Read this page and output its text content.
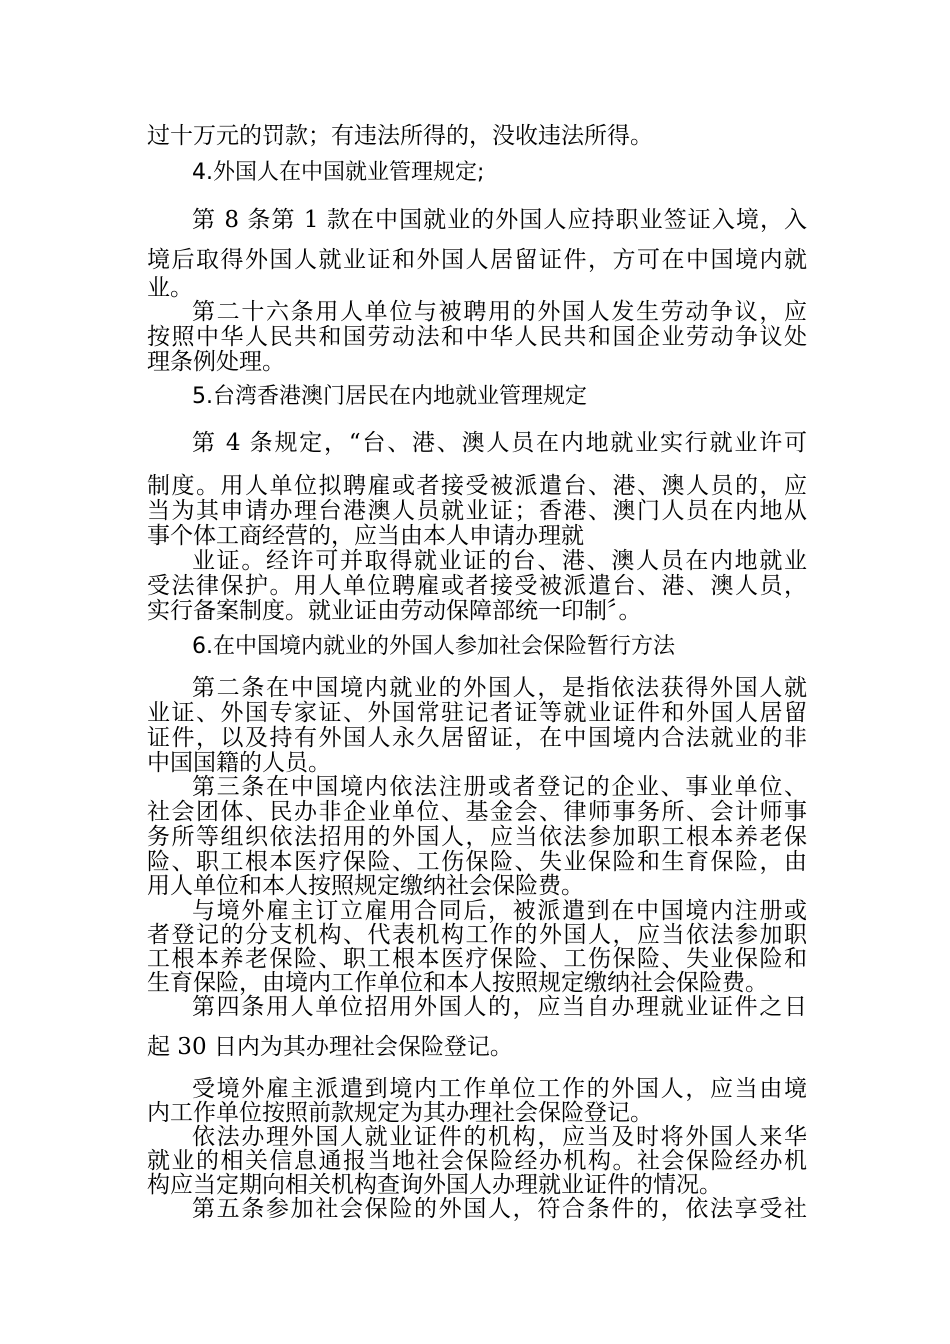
过十万元的罚款；有违法所得的，没收违法所得。

4.外国人在中国就业管理规定;

第 8 条第 1 款在中国就业的外国人应持职业签证入境，入

境后取得外国人就业证和外国人居留证件，方可在中国境内就

业。

第二十六条用人单位与被聘用的外国人发生劳动争议，应

按照中华人民共和国劳动法和中华人民共和国企业劳动争议处

理条例处理。

5.台湾香港澳门居民在内地就业管理规定

第 4 条规定，“台、港、澳人员在内地就业实行就业许可

制度。用人单位拟聘雇或者接受被派遣台、港、澳人员的，应

当为其申请办理台港澳人员就业证；香港、澳门人员在内地从

事个体工商经营的，应当由本人申请办理就

业证。经许可并取得就业证的台、港、澳人员在内地就业

受法律保护。用人单位聘雇或者接受被派遣台、港、澳人员，

实行备案制度。就业证由劳动保障部统一印制〞。

6.在中国境内就业的外国人参加社会保险暂行方法

第二条在中国境内就业的外国人，是指依法获得外国人就

业证、外国专家证、外国常驻记者证等就业证件和外国人居留

证件，以及持有外国人永久居留证，在中国境内合法就业的非

中国国籍的人员。

第三条在中国境内依法注册或者登记的企业、事业单位、

社会团体、民办非企业单位、基金会、律师事务所、会计师事

务所等组织依法招用的外国人，应当依法参加职工根本养老保

险、职工根本医疗保险、工伤保险、失业保险和生育保险，由

用人单位和本人按照规定缴纳社会保险费。

与境外雇主订立雇用合同后，被派遣到在中国境内注册或

者登记的分支机构、代表机构工作的外国人，应当依法参加职

工根本养老保险、职工根本医疗保险、工伤保险、失业保险和

生育保险，由境内工作单位和本人按照规定缴纳社会保险费。

第四条用人单位招用外国人的，应当自办理就业证件之日

起 30 日内为其办理社会保险登记。

受境外雇主派遣到境内工作单位工作的外国人，应当由境

内工作单位按照前款规定为其办理社会保险登记。

依法办理外国人就业证件的机构，应当及时将外国人来华

就业的相关信息通报当地社会保险经办机构。社会保险经办机

构应当定期向相关机构查询外国人办理就业证件的情况。

第五条参加社会保险的外国人，符合条件的，依法享受社
